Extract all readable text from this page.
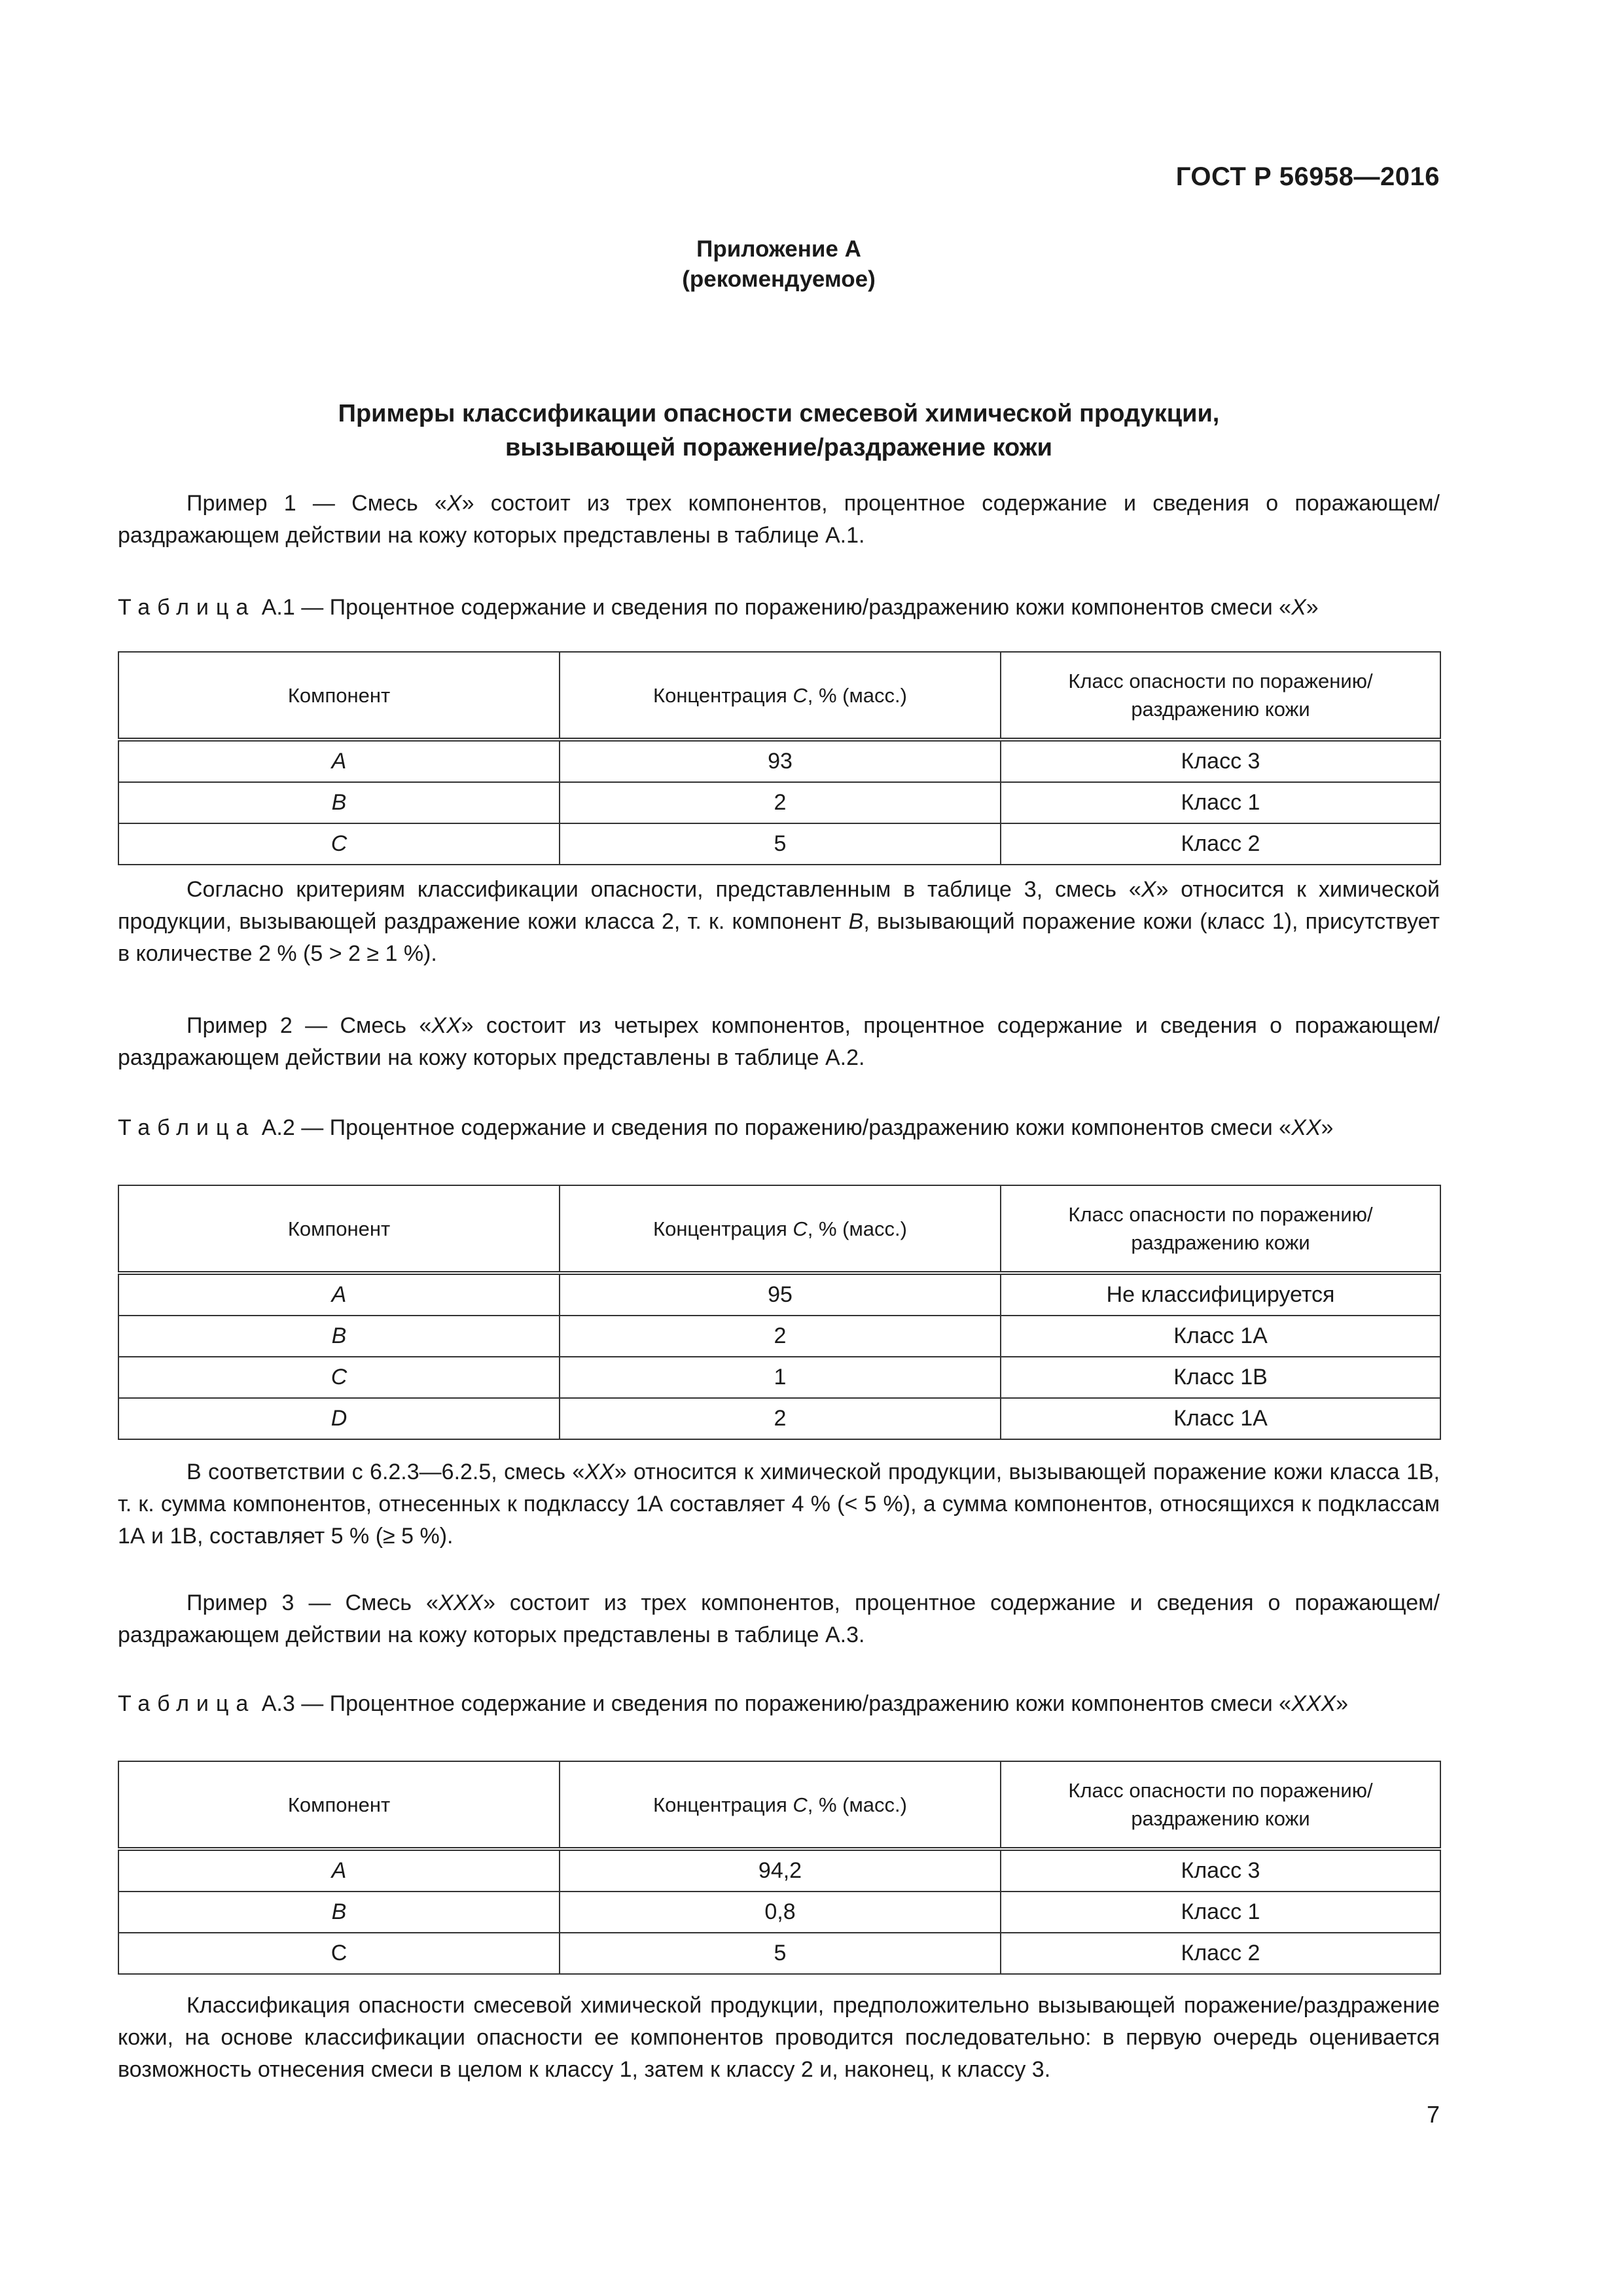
ГОСТ Р 56958—2016
Приложение А
(рекомендуемое)
Примеры классификации опасности смесевой химической продукции,
вызывающей поражение/раздражение кожи

Пример 1 — Смесь «X» состоит из трех компонентов, процентное содержание и сведения о поражающем/раздражающем действии на кожу которых представлены в таблице А.1.

Таблица А.1 — Процентное содержание и сведения по поражению/раздражению кожи компонентов смеси «X»

Компонент	Концентрация С, % (масс.)	Класс опасности по поражению/ раздражению кожи
A	93	Класс 3
B	2	Класс 1
C	5	Класс 2

Согласно критериям классификации опасности, представленным в таблице 3, смесь «X» относится к химической продукции, вызывающей раздражение кожи класса 2, т. к. компонент B, вызывающий поражение кожи (класс 1), присутствует в количестве 2 % (5 > 2 ≥ 1 %).

Пример 2 — Смесь «XX» состоит из четырех компонентов, процентное содержание и сведения о поражающем/раздражающем действии на кожу которых представлены в таблице А.2.

Таблица А.2 — Процентное содержание и сведения по поражению/раздражению кожи компонентов смеси «XX»

Компонент	Концентрация С, % (масс.)	Класс опасности по поражению/ раздражению кожи
A	95	Не классифицируется
B	2	Класс 1А
C	1	Класс 1В
D	2	Класс 1А

В соответствии с 6.2.3—6.2.5, смесь «XX» относится к химической продукции, вызывающей поражение кожи класса 1В, т. к. сумма компонентов, отнесенных к подклассу 1А составляет 4 % (< 5 %), а сумма компонентов, относящихся к подклассам 1А и 1В, составляет 5 % (≥ 5 %).

Пример 3 — Смесь «XXX» состоит из трех компонентов, процентное содержание и сведения о поражающем/раздражающем действии на кожу которых представлены в таблице А.3.

Таблица А.3 — Процентное содержание и сведения по поражению/раздражению кожи компонентов смеси «XXX»

Компонент	Концентрация С, % (масс.)	Класс опасности по поражению/ раздражению кожи
A	94,2	Класс 3
B	0,8	Класс 1
C	5	Класс 2

Классификация опасности смесевой химической продукции, предположительно вызывающей поражение/раздражение кожи, на основе классификации опасности ее компонентов проводится последовательно: в первую очередь оценивается возможность отнесения смеси в целом к классу 1, затем к классу 2 и, наконец, к классу 3.

7
